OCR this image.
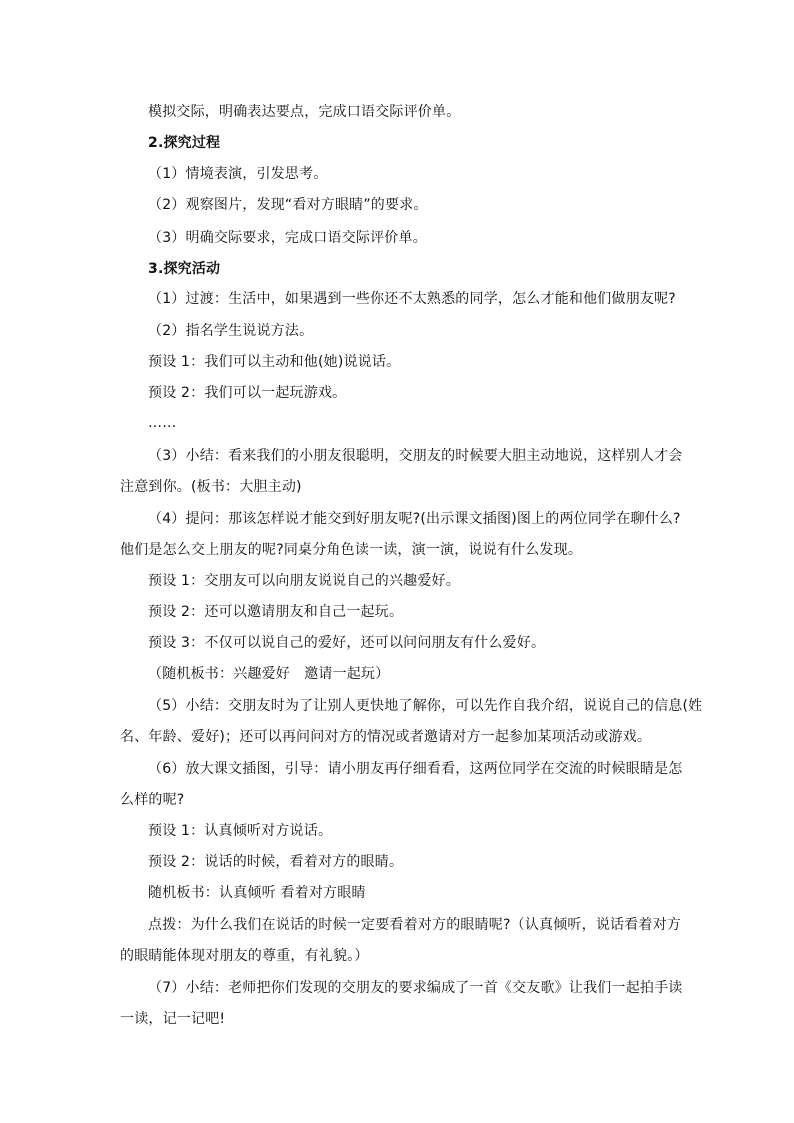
模拟交际，明确表达要点，完成口语交际评价单。
2.探究过程
（1）情境表演，引发思考。
（2）观察图片，发现“看对方眼睛”的要求。
（3）明确交际要求，完成口语交际评价单。
3.探究活动
（1）过渡：生活中，如果遇到一些你还不太熟悉的同学，怎么才能和他们做朋友呢?
（2）指名学生说说方法。
预设 1：我们可以主动和他(她)说说话。
预设 2：我们可以一起玩游戏。
……
（3）小结：看来我们的小朋友很聪明，交朋友的时候要大胆主动地说，这样别人才会
注意到你。(板书：大胆主动)
（4）提问：那该怎样说才能交到好朋友呢?(出示课文插图)图上的两位同学在聊什么?
他们是怎么交上朋友的呢?同桌分角色读一读，演一演，说说有什么发现。
预设 1：交朋友可以向朋友说说自己的兴趣爱好。
预设 2：还可以邀请朋友和自己一起玩。
预设 3：不仅可以说自己的爱好，还可以问问朋友有什么爱好。
（随机板书：兴趣爱好　邀请一起玩）
（5）小结：交朋友时为了让别人更快地了解你，可以先作自我介绍，说说自己的信息(姓
名、年龄、爱好)；还可以再问问对方的情况或者邀请对方一起参加某项活动或游戏。
（6）放大课文插图，引导：请小朋友再仔细看看，这两位同学在交流的时候眼睛是怎
么样的呢?
预设 1：认真倾听对方说话。
预设 2：说话的时候，看着对方的眼睛。
随机板书：认真倾听 看着对方眼睛
点拨：为什么我们在说话的时候一定要看着对方的眼睛呢?（认真倾听，说话看着对方
的眼睛能体现对朋友的尊重，有礼貌。）
（7）小结：老师把你们发现的交朋友的要求编成了一首《交友歌》让我们一起拍手读
一读，记一记吧!
